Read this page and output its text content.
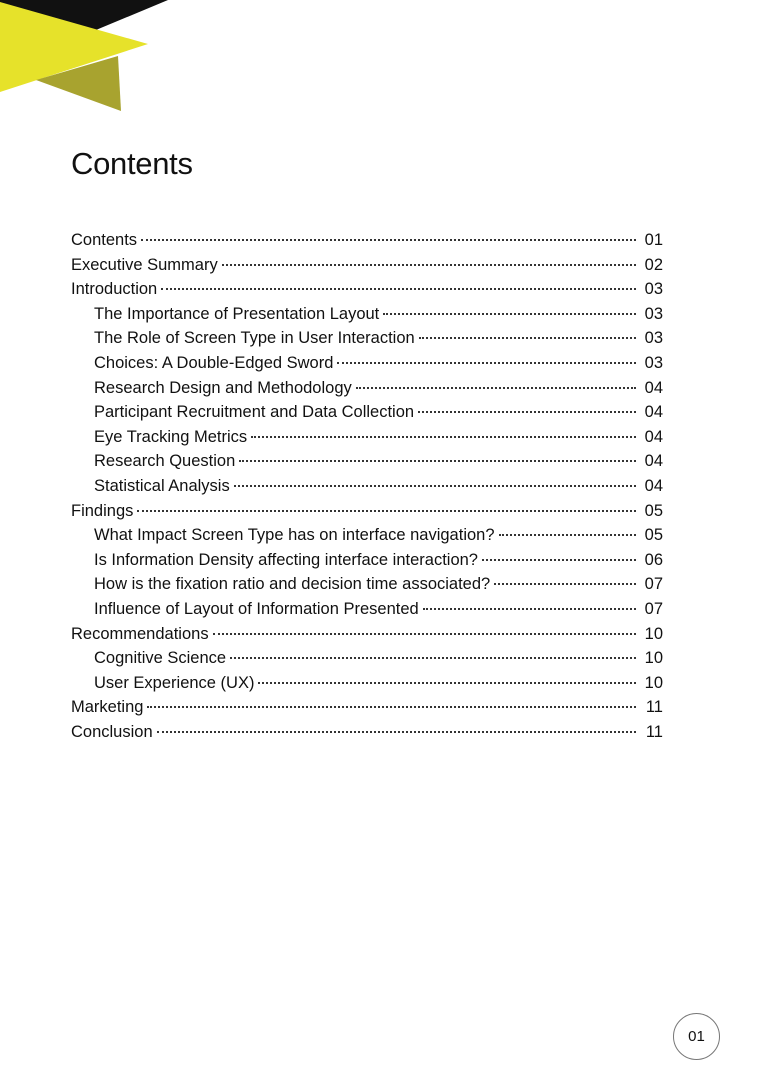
Contents
Contents	01
Executive Summary	02
Introduction	03
The Importance of Presentation Layout	03
The Role of Screen Type in User Interaction	03
Choices: A Double-Edged Sword	03
Research Design and Methodology	04
Participant Recruitment and Data Collection	04
Eye Tracking Metrics	04
Research Question	04
Statistical Analysis	04
Findings	05
What Impact Screen Type has on interface navigation?	05
Is Information Density affecting interface interaction?	06
How is the fixation ratio and decision time associated?	07
Influence of Layout of Information Presented	07
Recommendations	10
Cognitive Science	10
User Experience (UX)	10
Marketing	11
Conclusion	11
01
